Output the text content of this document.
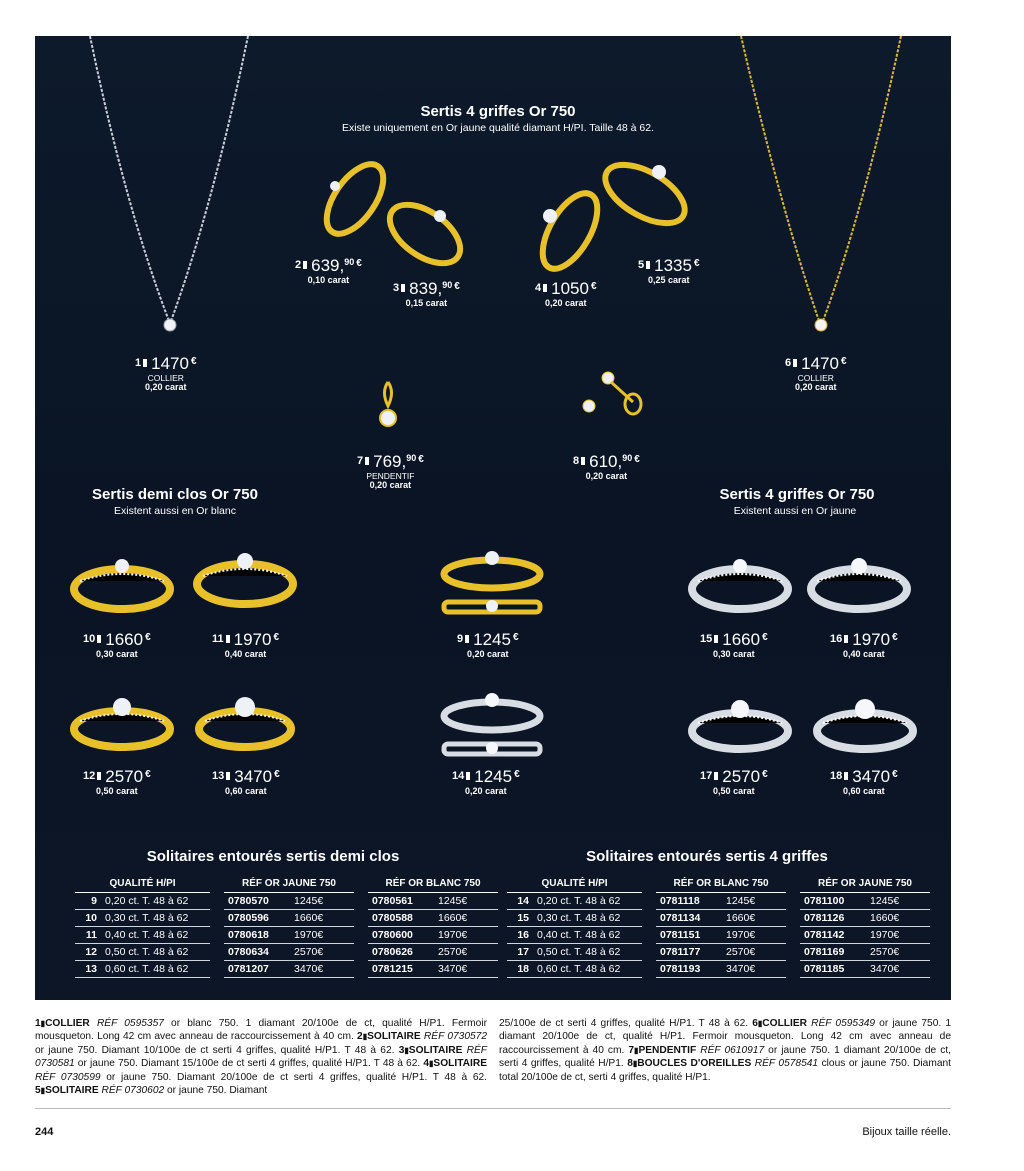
Sertis 4 griffes Or 750
Existe uniquement en Or jaune qualité diamant H/PI. Taille 48 à 62.
Sertis demi clos Or 750
Existent aussi en Or blanc
Sertis 4 griffes Or 750
Existent aussi en Or jaune
1 1470 €
COLLIER
0,20 carat
2 639,90 €
0,10 carat
3 839,90 €
0,15 carat
4 1050 €
0,20 carat
5 1335 €
0,25 carat
6 1470 €
COLLIER
0,20 carat
7 769,90 €
PENDENTIF
0,20 carat
8 610,90 €
0,20 carat
10 1660 €
0,30 carat
11 1970 €
0,40 carat
9 1245 €
0,20 carat
15 1660 €
0,30 carat
16 1970 €
0,40 carat
12 2570 €
0,50 carat
13 3470 €
0,60 carat
14 1245 €
0,20 carat
17 2570 €
0,50 carat
18 3470 €
0,60 carat
Solitaires entourés sertis demi clos	Solitaires entourés sertis 4 griffes
QUALITÉ H/PI			RÉF OR JAUNE 750			RÉF OR BLANC 750	
9	0,20 ct. T. 48 à 62		0780570	1245€		0780561	1245€
10	0,30 ct. T. 48 à 62		0780596	1660€		0780588	1660€
11	0,40 ct. T. 48 à 62		0780618	1970€		0780600	1970€
12	0,50 ct. T. 48 à 62		0780634	2570€		0780626	2570€
13	0,60 ct. T. 48 à 62		0781207	3470€		0781215	3470€
QUALITÉ H/PI			RÉF OR BLANC 750			RÉF OR JAUNE 750	
14	0,20 ct. T. 48 à 62		0781118	1245€		0781100	1245€
15	0,30 ct. T. 48 à 62		0781134	1660€		0781126	1660€
16	0,40 ct. T. 48 à 62		0781151	1970€		0781142	1970€
17	0,50 ct. T. 48 à 62		0781177	2570€		0781169	2570€
18	0,60 ct. T. 48 à 62		0781193	3470€		0781185	3470€
1▮COLLIER RÉF 0595357 or blanc 750. 1 diamant 20/100e de ct, qualité H/P1. Fermoir mousqueton. Long 42 cm avec anneau de raccourcissement à 40 cm. 2▮SOLITAIRE RÉF 0730572 or jaune 750. Diamant 10/100e de ct serti 4 griffes, qualité H/P1. T 48 à 62. 3▮SOLITAIRE RÉF 0730581 or jaune 750. Diamant 15/100e de ct serti 4 griffes, qualité H/P1. T 48 à 62. 4▮SOLITAIRE RÉF 0730599 or jaune 750. Diamant 20/100e de ct serti 4 griffes, qualité H/P1. T 48 à 62. 5▮SOLITAIRE RÉF 0730602 or jaune 750. Diamant
25/100e de ct serti 4 griffes, qualité H/P1. T 48 à 62. 6▮COLLIER RÉF 0595349 or jaune 750. 1 diamant 20/100e de ct, qualité H/P1. Fermoir mousqueton. Long 42 cm avec anneau de raccourcissement à 40 cm. 7▮PENDENTIF RÉF 0610917 or jaune 750. 1 diamant 20/100e de ct, serti 4 griffes, qualité H/P1. 8▮BOUCLES D'OREILLES RÉF 0578541 clous or jaune 750. Diamant total 20/100e de ct, serti 4 griffes, qualité H/P1.
244	Bijoux taille réelle.
